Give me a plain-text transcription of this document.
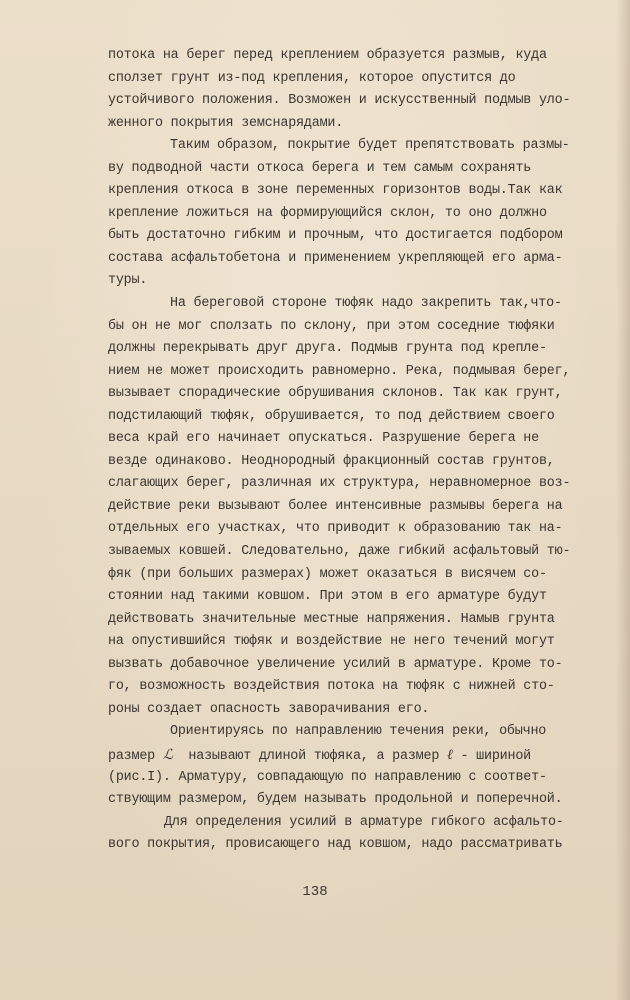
потока на берег перед креплением образуется размыв, куда
сползет грунт из-под крепления, которое опустится до
устойчивого положения. Возможен и искусственный подмыв уло-
женного покрытия земснарядами.
Таким образом, покрытие будет препятствовать размы-
ву подводной части откоса берега и тем самым сохранять
крепления откоса в зоне переменных горизонтов воды.Так как
крепление ложиться на формирующийся склон, то оно должно
быть достаточно гибким и прочным, что достигается подбором
состава асфальтобетона и применением укрепляющей его арма-
туры.
На береговой стороне тюфяк надо закрепить так,что-
бы он не мог сползать по склону, при этом соседние тюфяки
должны перекрывать друг друга. Подмыв грунта под крепле-
нием не может происходить равномерно. Река, подмывая берег,
вызывает спорадические обрушивания склонов. Так как грунт,
подстилающий тюфяк, обрушивается, то под действием своего
веса край его начинает опускаться. Разрушение берега не
везде одинаково. Неоднородный фракционный состав грунтов,
слагающих берег, различная их структура, неравномерное воз-
действие реки вызывают более интенсивные размывы берега на
отдельных его участках, что приводит к образованию так на-
зываемых ковшей. Следовательно, даже гибкий асфальтовый тю-
фяк (при больших размерах) может оказаться в висячем со-
стоянии над такими ковшом. При этом в его арматуре будут
действовать значительные местные напряжения. Намыв грунта
на опустившийся тюфяк и воздействие не него течений могут
вызвать добавочное увеличение усилий в арматуре. Кроме то-
го, возможность воздействия потока на тюфяк с нижней сто-
роны создает опасность заворачивания его.
Ориентируясь по направлению течения реки, обычно
размер ℒ  называют длиной тюфяка, а размер ℓ - шириной
(рис.I). Арматуру, совпадающую по направлению с соответ-
ствующим размером, будем называть продольной и поперечной.
Для определения усилий в арматуре гибкого асфальто-
вого покрытия, провисающего над ковшом, надо рассматривать
138
